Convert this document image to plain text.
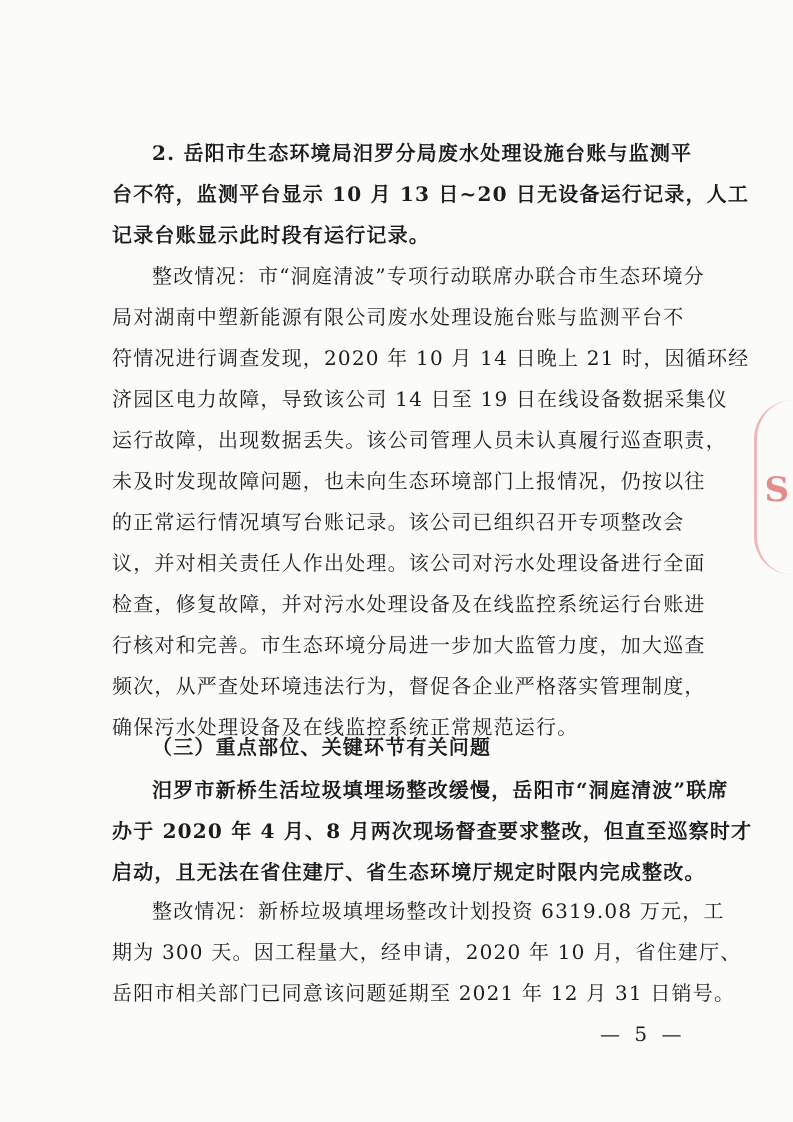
2. 岳阳市生态环境局汨罗分局废水处理设施台账与监测平
台不符，监测平台显示 10 月 13 日~20 日无设备运行记录，人工
记录台账显示此时段有运行记录。

整改情况：市“洞庭清波”专项行动联席办联合市生态环境分
局对湖南中塑新能源有限公司废水处理设施台账与监测平台不
符情况进行调查发现，2020 年 10 月 14 日晚上 21 时，因循环经
济园区电力故障，导致该公司 14 日至 19 日在线设备数据采集仪
运行故障，出现数据丢失。该公司管理人员未认真履行巡查职责，
未及时发现故障问题，也未向生态环境部门上报情况，仍按以往
的正常运行情况填写台账记录。该公司已组织召开专项整改会
议，并对相关责任人作出处理。该公司对污水处理设备进行全面
检查，修复故障，并对污水处理设备及在线监控系统运行台账进
行核对和完善。市生态环境分局进一步加大监管力度，加大巡查
频次，从严查处环境违法行为，督促各企业严格落实管理制度，
确保污水处理设备及在线监控系统正常规范运行。

（三）重点部位、关键环节有关问题

汨罗市新桥生活垃圾填埋场整改缓慢，岳阳市“洞庭清波”联席
办于 2020 年 4 月、8 月两次现场督查要求整改，但直至巡察时才
启动，且无法在省住建厅、省生态环境厅规定时限内完成整改。

整改情况：新桥垃圾填埋场整改计划投资 6319.08 万元，工
期为 300 天。因工程量大，经申请，2020 年 10 月，省住建厅、
岳阳市相关部门已同意该问题延期至 2021 年 12 月 31 日销号。

— 5 —
S
